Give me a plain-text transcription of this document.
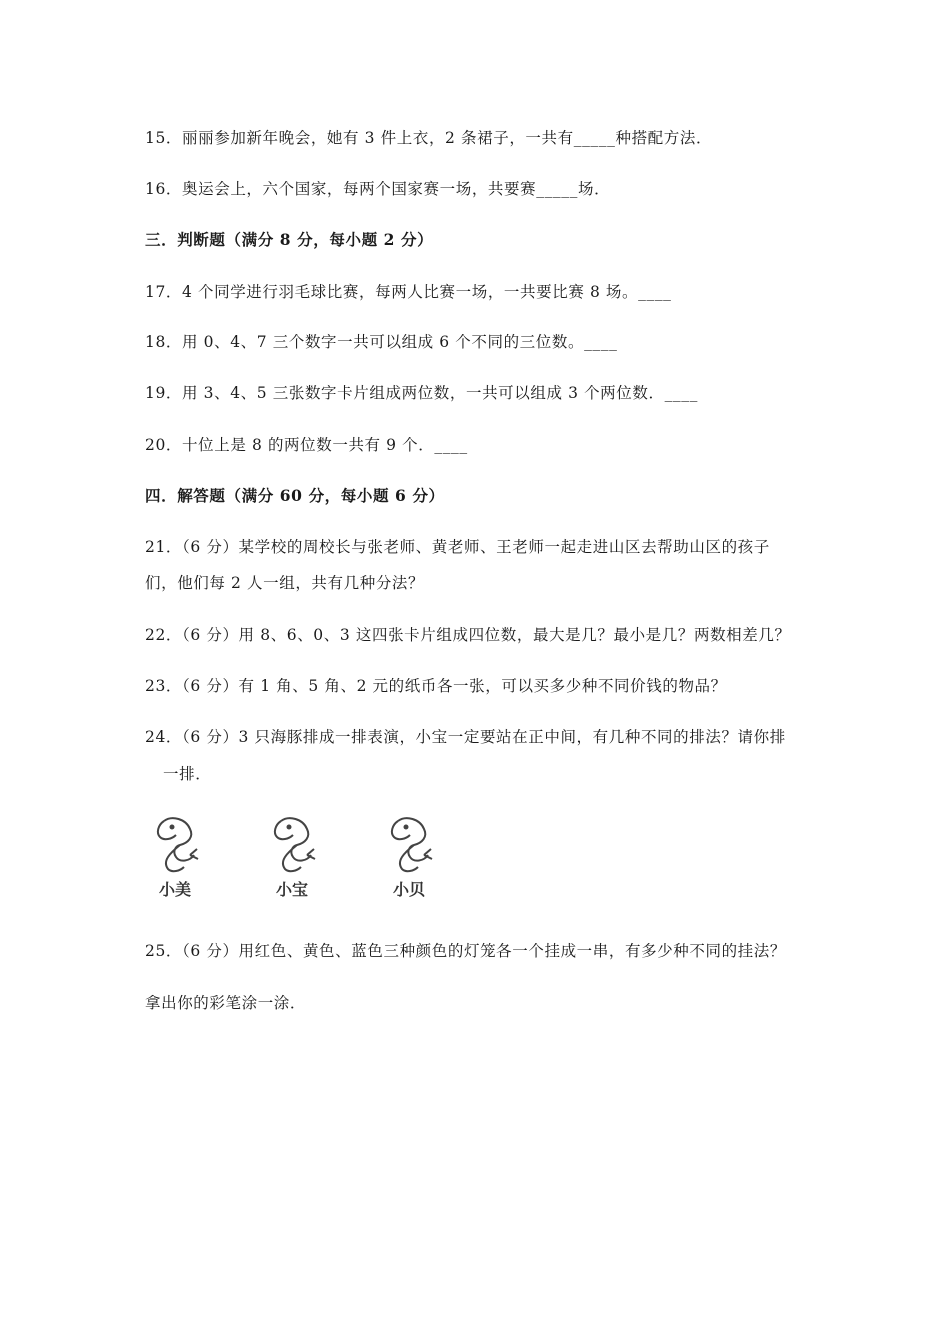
15．丽丽参加新年晚会，她有 3 件上衣，2 条裙子，一共有_____种搭配方法．
16．奥运会上，六个国家，每两个国家赛一场，共要赛_____场．
三．判断题（满分 8 分，每小题 2 分）
17．4 个同学进行羽毛球比赛，每两人比赛一场，一共要比赛 8 场。____
18．用 0、4、7 三个数字一共可以组成 6 个不同的三位数。____
19．用 3、4、5 三张数字卡片组成两位数，一共可以组成 3 个两位数．____
20．十位上是 8 的两位数一共有 9 个．____
四．解答题（满分 60 分，每小题 6 分）
21．（6 分）某学校的周校长与张老师、黄老师、王老师一起走进山区去帮助山区的孩子
们，他们每 2 人一组，共有几种分法？
22．（6 分）用 8、6、0、3 这四张卡片组成四位数，最大是几？最小是几？两数相差几？
23．（6 分）有 1 角、5 角、2 元的纸币各一张，可以买多少种不同价钱的物品？
24．（6 分）3 只海豚排成一排表演，小宝一定要站在正中间，有几种不同的排法？请你排
一排．
小美	小宝	小贝
25．（6 分）用红色、黄色、蓝色三种颜色的灯笼各一个挂成一串，有多少种不同的挂法？
拿出你的彩笔涂一涂．
